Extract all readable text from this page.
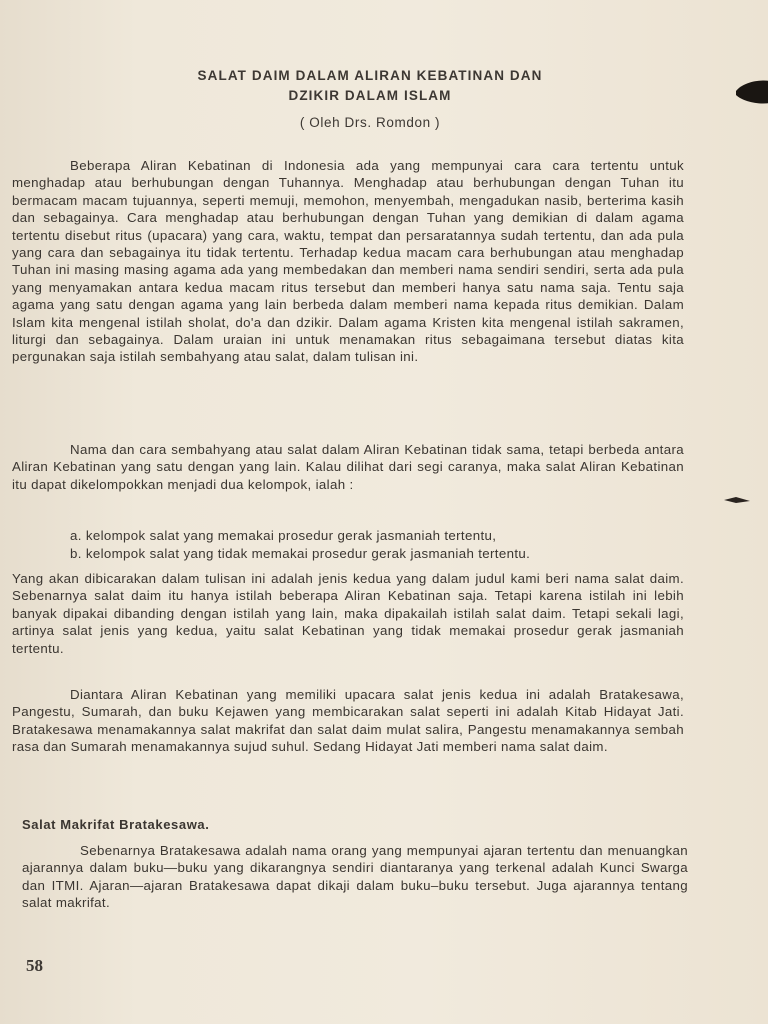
SALAT DAIM DALAM ALIRAN KEBATINAN DAN
DZIKIR DALAM ISLAM
( Oleh Drs. Romdon )

Beberapa Aliran Kebatinan di Indonesia ada yang mempunyai cara cara tertentu untuk menghadap atau berhubungan dengan Tuhannya. Menghadap atau berhubungan dengan Tuhan itu bermacam macam tujuannya, seperti memuji, memohon, menyembah, mengadukan nasib, berterima kasih dan sebagainya. Cara menghadap atau berhubungan dengan Tuhan yang demikian di dalam agama tertentu disebut ritus (upacara) yang cara, waktu, tempat dan persaratannya sudah tertentu, dan ada pula yang cara dan sebagainya itu tidak tertentu. Terhadap kedua macam cara berhubungan atau menghadap Tuhan ini masing masing agama ada yang membedakan dan memberi nama sendiri sendiri, serta ada pula yang menyamakan antara kedua macam ritus tersebut dan memberi hanya satu nama saja. Tentu saja agama yang satu dengan agama yang lain berbeda dalam memberi nama kepada ritus demikian. Dalam Islam kita mengenal istilah sholat, do'a dan dzikir. Dalam agama Kristen kita mengenal istilah sakramen, liturgi dan sebagainya. Dalam uraian ini untuk menamakan ritus sebagaimana tersebut diatas kita pergunakan saja istilah sembahyang atau salat, dalam tulisan ini.

Nama dan cara sembahyang atau salat dalam Aliran Kebatinan tidak sama, tetapi berbeda antara Aliran Kebatinan yang satu dengan yang lain. Kalau dilihat dari segi caranya, maka salat Aliran Kebatinan itu dapat dikelompokkan menjadi dua kelompok, ialah :

a. kelompok salat yang memakai prosedur gerak jasmaniah tertentu,

b. kelompok salat yang tidak memakai prosedur gerak jasmaniah tertentu.

Yang akan dibicarakan dalam tulisan ini adalah jenis kedua yang dalam judul kami beri nama salat daim. Sebenarnya salat daim itu hanya istilah beberapa Aliran Kebatinan saja. Tetapi karena istilah ini lebih banyak dipakai dibanding dengan istilah yang lain, maka dipakailah istilah salat daim. Tetapi sekali lagi, artinya salat jenis yang kedua, yaitu salat Kebatinan yang tidak memakai prosedur gerak jasmaniah tertentu.

Diantara Aliran Kebatinan yang memiliki upacara salat jenis kedua ini adalah Bratakesawa, Pangestu, Sumarah, dan buku Kejawen yang membicarakan salat seperti ini adalah Kitab Hidayat Jati. Bratakesawa menamakannya salat makrifat dan salat daim mulat salira, Pangestu menamakannya sembah rasa dan Sumarah menamakannya sujud suhul. Sedang Hidayat Jati memberi nama salat daim.

Salat Makrifat Bratakesawa.

Sebenarnya Bratakesawa adalah nama orang yang mempunyai ajaran tertentu dan menuangkan ajarannya dalam buku—buku yang dikarangnya sendiri diantaranya yang terkenal adalah Kunci Swarga dan ITMI. Ajaran—ajaran Bratakesawa dapat dikaji dalam buku–buku tersebut. Juga ajarannya tentang salat makrifat.

58
